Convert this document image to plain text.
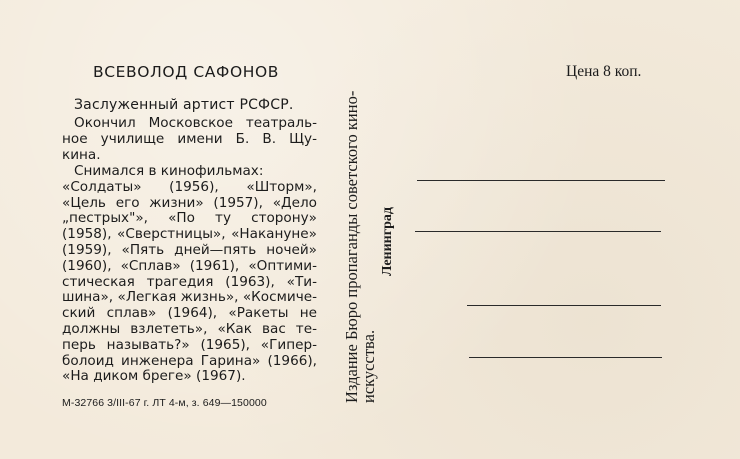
ВСЕВОЛОД САФОНОВ
Заслуженный артист РСФСР.
Окончил Московское театраль-
ное училище имени Б. В. Щу-
кина.
Снимался в кинофильмах:
«Солдаты» (1956), «Шторм»,
«Цель его жизни» (1957), «Дело
„пестрых"», «По ту сторону»
(1958), «Сверстницы», «Накануне»
(1959), «Пять дней—пять ночей»
(1960), «Сплав» (1961), «Оптими-
стическая трагедия (1963), «Ти-
шина», «Легкая жизнь», «Космиче-
ский сплав» (1964), «Ракеты не
должны взлететь», «Как вас те-
перь называть?» (1965), «Гипер-
болоид инженера Гарина» (1966),
«На диком бреге» (1967).
М-32766 3/III-67 г. ЛТ 4-м, з. 649—150000	Издание Бюро пропаганды советского кино-
искусства.
Ленинград
Цена 8 коп.
